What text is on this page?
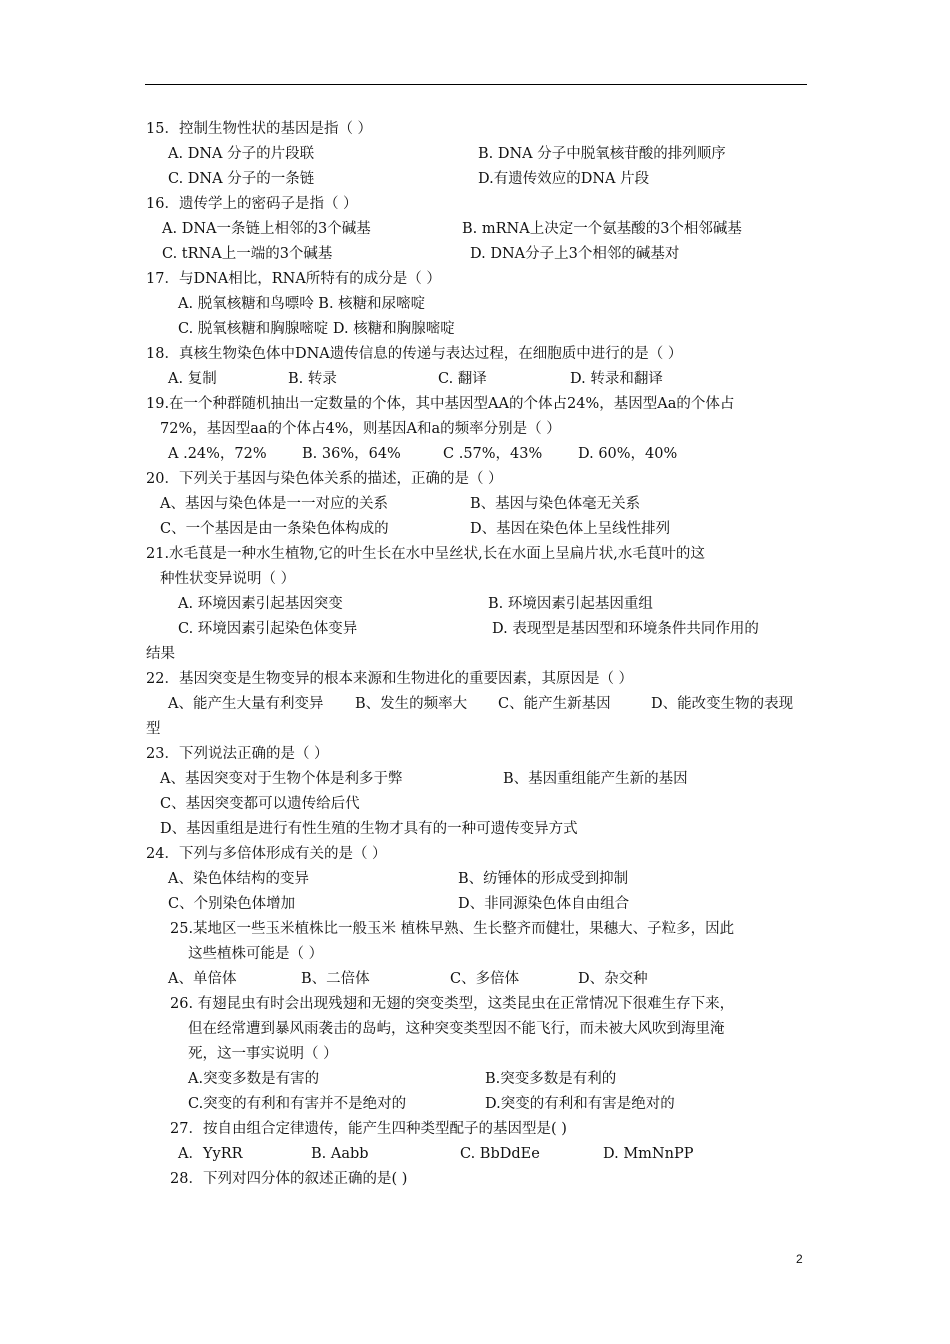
15．控制生物性状的基因是指（ ）
A. DNA 分子的片段联	B. DNA 分子中脱氧核苷酸的排列顺序
C. DNA 分子的一条链	D.有遗传效应的DNA 片段
16．遗传学上的密码子是指（ ）
A. DNA一条链上相邻的3个碱基	B. mRNA上决定一个氨基酸的3个相邻碱基
C. tRNA上一端的3个碱基	D. DNA分子上3个相邻的碱基对
17．与DNA相比，RNA所特有的成分是（ ）
A. 脱氧核糖和鸟嘌呤 B. 核糖和尿嘧啶
C. 脱氧核糖和胸腺嘧啶 D. 核糖和胸腺嘧啶
18．真核生物染色体中DNA遗传信息的传递与表达过程，在细胞质中进行的是（ ）
A. 复制	B. 转录	C. 翻译	D. 转录和翻译
19.在一个种群随机抽出一定数量的个体，其中基因型AA的个体占24%，基因型Aa的个体占
72%，基因型aa的个体占4%，则基因A和a的频率分别是（ ）
A .24%，72% B. 36%，64%	C .57%，43% D. 60%，40%
20．下列关于基因与染色体关系的描述，正确的是（ ）
A、基因与染色体是一一对应的关系	B、基因与染色体毫无关系
C、一个基因是由一条染色体构成的	D、基因在染色体上呈线性排列
21.水毛茛是一种水生植物,它的叶生长在水中呈丝状,长在水面上呈扁片状,水毛茛叶的这
种性状变异说明（ ）
A. 环境因素引起基因突变	B. 环境因素引起基因重组
C. 环境因素引起染色体变异	D. 表现型是基因型和环境条件共同作用的
结果
22．基因突变是生物变异的根本来源和生物进化的重要因素，其原因是（ ）
A、能产生大量有利变异 B、发生的频率大 C、能产生新基因	D、能改变生物的表现
型
23．下列说法正确的是（ ）
A、基因突变对于生物个体是利多于弊	B、基因重组能产生新的基因
C、基因突变都可以遗传给后代
D、基因重组是进行有性生殖的生物才具有的一种可遗传变异方式
24．下列与多倍体形成有关的是（ ）
A、染色体结构的变异	B、纺锤体的形成受到抑制
C、个别染色体增加	D、非同源染色体自由组合
25.某地区一些玉米植株比一般玉米 植株早熟、生长整齐而健壮，果穗大、子粒多，因此
这些植株可能是（ ）
A、单倍体	B、二倍体	C、多倍体	D、杂交种
26. 有翅昆虫有时会出现残翅和无翅的突变类型，这类昆虫在正常情况下很难生存下来，
但在经常遭到暴风雨袭击的岛屿，这种突变类型因不能飞行，而未被大风吹到海里淹
死，这一事实说明（ ）
A.突变多数是有害的	B.突变多数是有利的
C.突变的有利和有害并不是绝对的	D.突变的有利和有害是绝对的
27．按自由组合定律遗传，能产生四种类型配子的基因型是( )
A．YyRR	B. Aabb	C. BbDdEe	D. MmNnPP
28．下列对四分体的叙述正确的是( )
2
